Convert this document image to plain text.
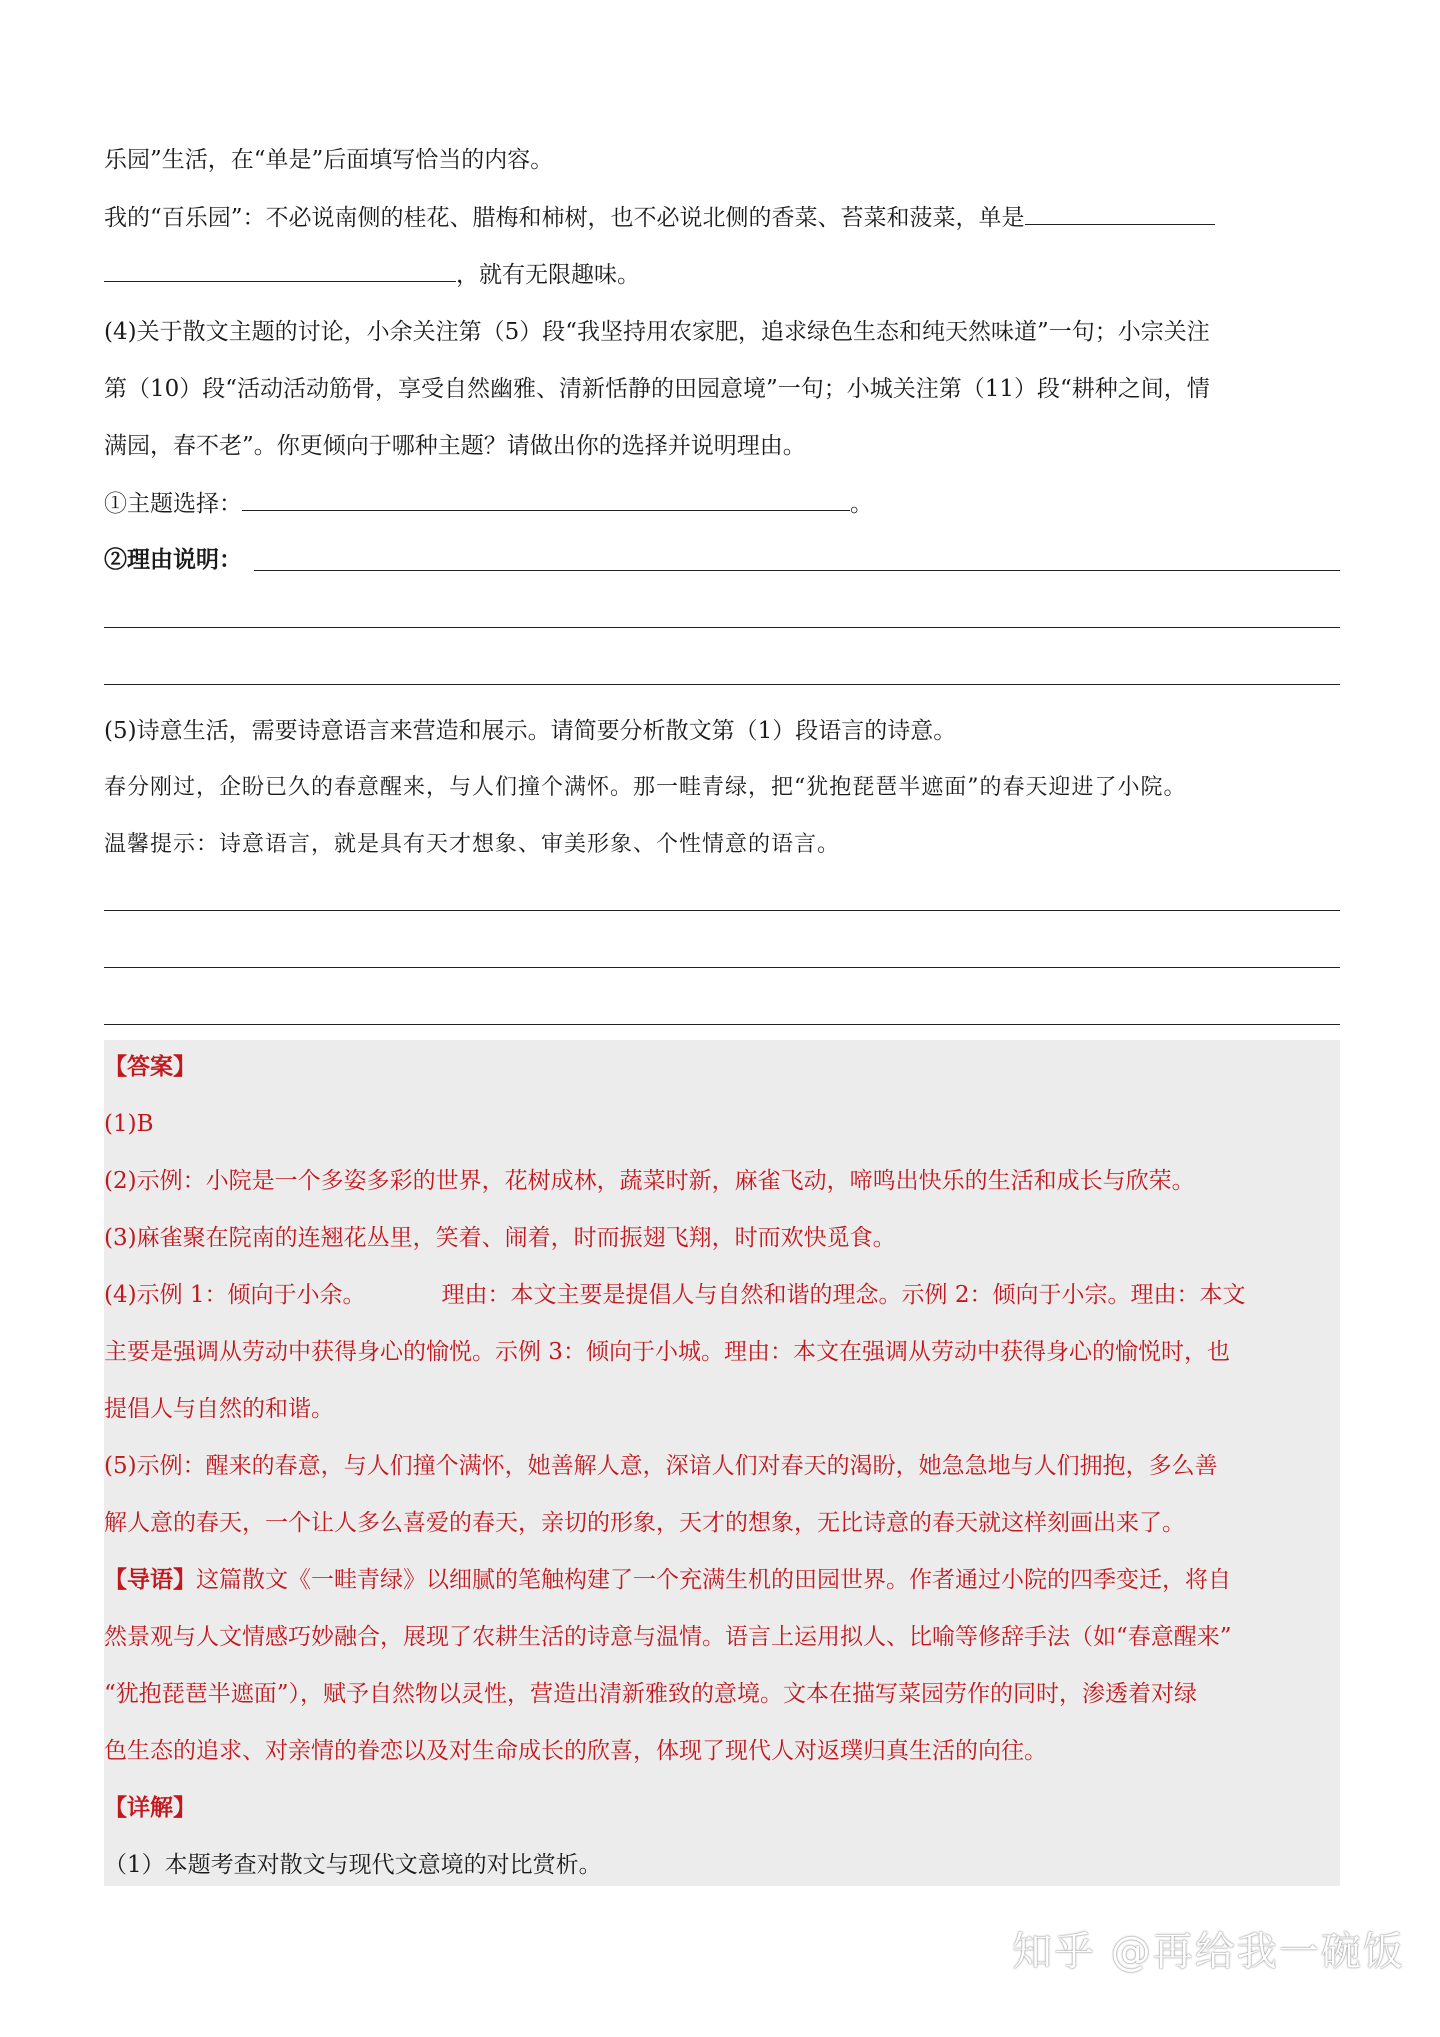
乐园”生活，在“单是”后面填写恰当的内容。
我的“百乐园”：不必说南侧的桂花、腊梅和柿树，也不必说北侧的香菜、苔菜和菠菜，单是
，就有无限趣味。
(4)关于散文主题的讨论，小余关注第（5）段“我坚持用农家肥，追求绿色生态和纯天然味道”一句；小宗关注
第（10）段“活动活动筋骨，享受自然幽雅、清新恬静的田园意境”一句；小城关注第（11）段“耕种之间，情
满园，春不老”。你更倾向于哪种主题？请做出你的选择并说明理由。
①主题选择：	。
②理由说明：
(5)诗意生活，需要诗意语言来营造和展示。请简要分析散文第（1）段语言的诗意。
春分刚过，企盼已久的春意醒来，与人们撞个满怀。那一畦青绿，把“犹抱琵琶半遮面”的春天迎进了小院。
温馨提示：诗意语言，就是具有天才想象、审美形象、个性情意的语言。
【答案】
(1)B
(2)示例：小院是一个多姿多彩的世界，花树成林，蔬菜时新，麻雀飞动，啼鸣出快乐的生活和成长与欣荣。
(3)麻雀聚在院南的连翘花丛里，笑着、闹着，时而振翅飞翔，时而欢快觅食。
(4)示例 1：倾向于小余。	理由：本文主要是提倡人与自然和谐的理念。示例 2：倾向于小宗。理由：本文
主要是强调从劳动中获得身心的愉悦。示例 3：倾向于小城。理由：本文在强调从劳动中获得身心的愉悦时，也
提倡人与自然的和谐。
(5)示例：醒来的春意，与人们撞个满怀，她善解人意，深谙人们对春天的渴盼，她急急地与人们拥抱，多么善
解人意的春天，一个让人多么喜爱的春天，亲切的形象，天才的想象，无比诗意的春天就这样刻画出来了。
【导语】这篇散文《一畦青绿》以细腻的笔触构建了一个充满生机的田园世界。作者通过小院的四季变迁，将自
然景观与人文情感巧妙融合，展现了农耕生活的诗意与温情。语言上运用拟人、比喻等修辞手法（如“春意醒来”
“犹抱琵琶半遮面”），赋予自然物以灵性，营造出清新雅致的意境。文本在描写菜园劳作的同时，渗透着对绿
色生态的追求、对亲情的眷恋以及对生命成长的欣喜，体现了现代人对返璞归真生活的向往。
【详解】
（1）本题考查对散文与现代文意境的对比赏析。
知乎 @再给我一碗饭
